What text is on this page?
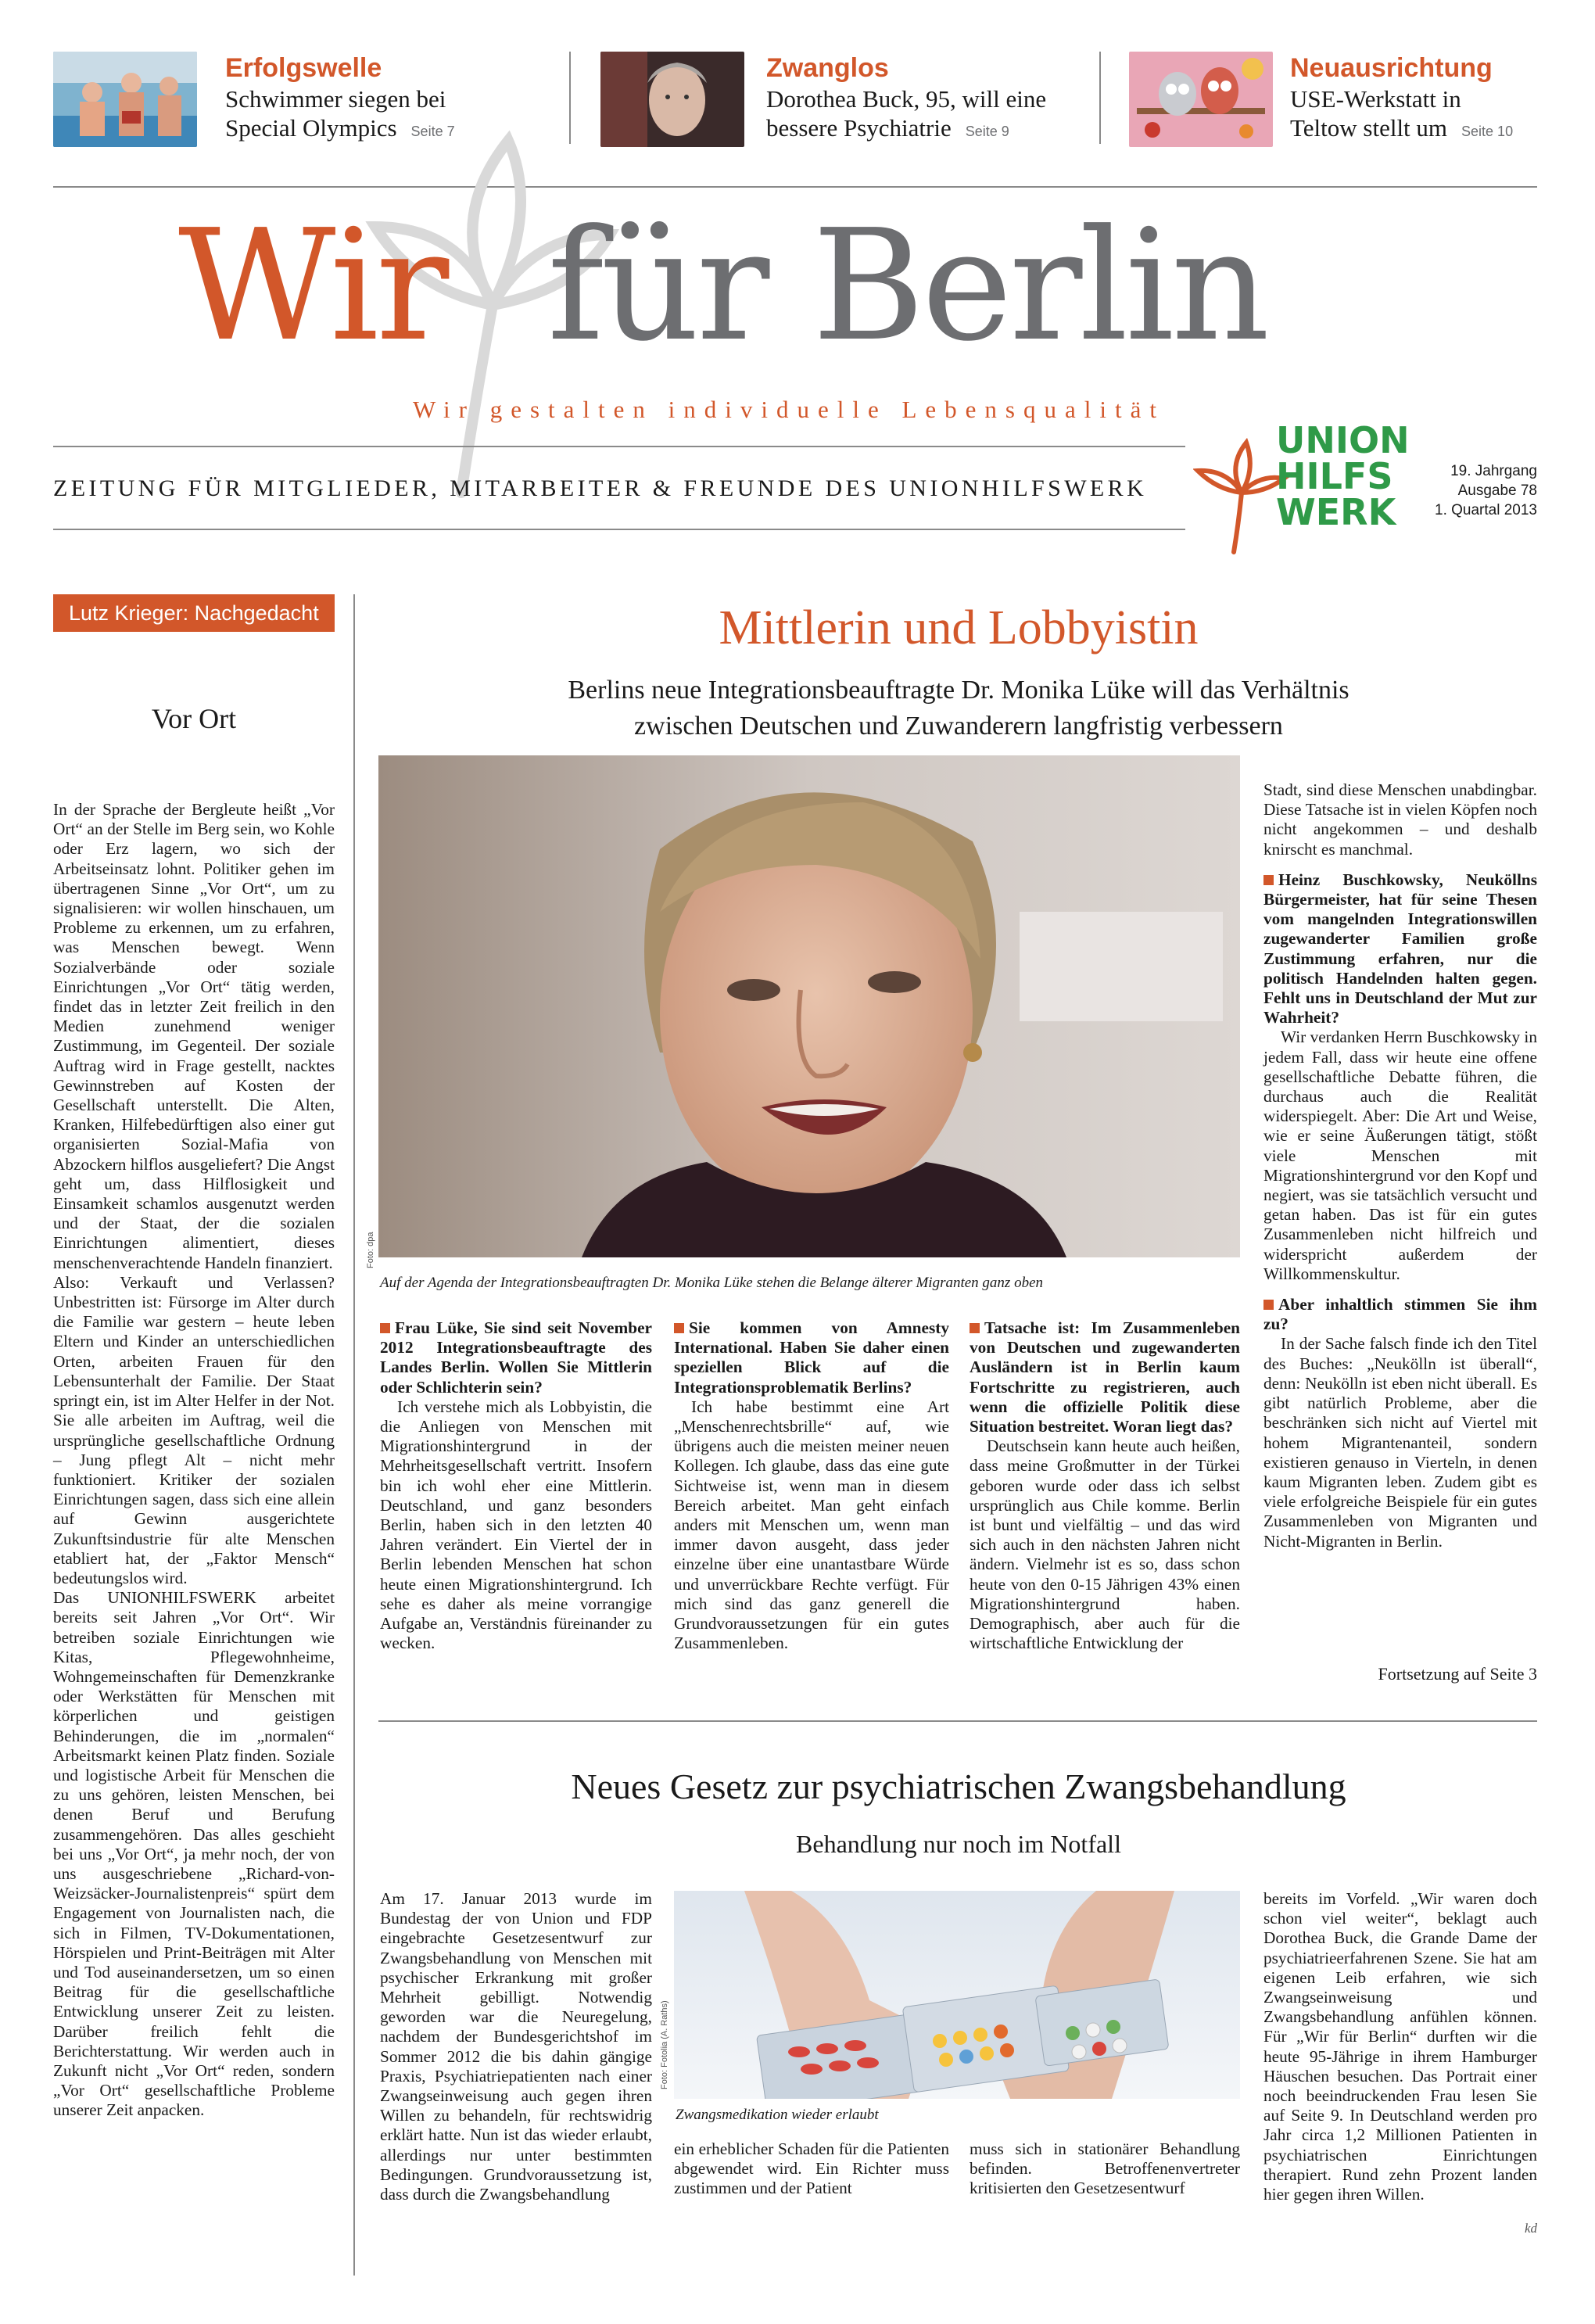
Erfolgswelle
Schwimmer siegen bei
Special Olympics Seite 7
Zwanglos
Dorothea Buck, 95, will eine
bessere Psychiatrie Seite 9
Neuausrichtung
USE-Werkstatt in
Teltow stellt um Seite 10
Wir für Berlin
Wir gestalten individuelle Lebensqualität
ZEITUNG FÜR MITGLIEDER, MITARBEITER & FREUNDE DES UNIONHILFSWERK
UNION
HILFS
WERK
19. Jahrgang
Ausgabe 78
1. Quartal 2013
Lutz Krieger: Nachgedacht
Vor Ort

In der Sprache der Bergleute heißt „Vor Ort“ an der Stelle im Berg sein, wo Kohle oder Erz lagern, wo sich der Arbeitseinsatz lohnt. Politiker gehen im übertragenen Sinne „Vor Ort“, um zu signalisieren: wir wollen hinschauen, um Probleme zu erkennen, um zu erfahren, was Menschen bewegt. Wenn Sozialverbände oder soziale Einrichtungen „Vor Ort“ tätig werden, findet das in letzter Zeit freilich in den Medien zunehmend weniger Zustimmung, im Gegenteil. Der soziale Auftrag wird in Frage gestellt, nacktes Gewinnstreben auf Kosten der Gesellschaft unterstellt. Die Alten, Kranken, Hilfebedürftigen also einer gut organisierten Sozial-Mafia von Abzockern hilflos ausgeliefert? Die Angst geht um, dass Hilflosigkeit und Einsamkeit schamlos ausgenutzt werden und der Staat, der die sozialen Einrichtungen alimentiert, dieses menschenverachtende Handeln finanziert.

Also: Verkauft und Verlassen? Unbestritten ist: Fürsorge im Alter durch die Familie war gestern – heute leben Eltern und Kinder an unterschiedlichen Orten, arbeiten Frauen für den Lebensunterhalt der Familie. Der Staat springt ein, ist im Alter Helfer in der Not. Sie alle arbeiten im Auftrag, weil die ursprüngliche gesellschaftliche Ordnung – Jung pflegt Alt – nicht mehr funktioniert. Kritiker der sozialen Einrichtungen sagen, dass sich eine allein auf Gewinn ausgerichtete Zukunftsindustrie für alte Menschen etabliert hat, der „Faktor Mensch“ bedeutungslos wird.

Das UNIONHILFSWERK arbeitet bereits seit Jahren „Vor Ort“. Wir betreiben soziale Einrichtungen wie Kitas, Pflegewohnheime, Wohngemeinschaften für Demenzkranke oder Werkstätten für Menschen mit körperlichen und geistigen Behinderungen, die im „normalen“ Arbeitsmarkt keinen Platz finden. Soziale und logistische Arbeit für Menschen die zu uns gehören, leisten Menschen, bei denen Beruf und Berufung zusammengehören. Das alles geschieht bei uns „Vor Ort“, ja mehr noch, der von uns ausgeschriebene „Richard-von-Weizsäcker-Journalistenpreis“ spürt dem Engagement von Journalisten nach, die sich in Filmen, TV-Dokumentationen, Hörspielen und Print-Beiträgen mit Alter und Tod auseinandersetzen, um so einen Beitrag für die gesellschaftliche Entwicklung unserer Zeit zu leisten. Darüber freilich fehlt die Berichterstattung. Wir werden auch in Zukunft nicht „Vor Ort“ reden, sondern „Vor Ort“ gesellschaftliche Probleme unserer Zeit anpacken.

Mittlerin und Lobbyistin
Berlins neue Integrationsbeauftragte Dr. Monika Lüke will das Verhältnis
zwischen Deutschen und Zuwanderern langfristig verbessern
Foto: dpa
Auf der Agenda der Integrationsbeauftragten Dr. Monika Lüke stehen die Belange älterer Migranten ganz oben

Frau Lüke, Sie sind seit November 2012 Integrationsbeauftragte des Landes Berlin. Wollen Sie Mittlerin oder Schlichterin sein?

Ich verstehe mich als Lobbyistin, die die Anliegen von Menschen mit Migrationshintergrund in der Mehrheitsgesellschaft vertritt. Insofern bin ich wohl eher eine Mittlerin. Deutschland, und ganz besonders Berlin, haben sich in den letzten 40 Jahren verändert. Ein Viertel der in Berlin lebenden Menschen hat schon heute einen Migrationshintergrund. Ich sehe es daher als meine vorrangige Aufgabe an, Verständnis füreinander zu wecken.

Sie kommen von Amnesty International. Haben Sie daher einen speziellen Blick auf die Integrationsproblematik Berlins?

Ich habe bestimmt eine Art „Menschenrechtsbrille“ auf, wie übrigens auch die meisten meiner neuen Kollegen. Ich glaube, dass das eine gute Sichtweise ist, wenn man in diesem Bereich arbeitet. Man geht einfach anders mit Menschen um, wenn man immer davon ausgeht, dass jeder einzelne über eine unantastbare Würde und unverrückbare Rechte verfügt. Für mich sind das ganz generell die Grundvoraussetzungen für ein gutes Zusammenleben.

Tatsache ist: Im Zusammenleben von Deutschen und zugewanderten Ausländern ist in Berlin kaum Fortschritte zu registrieren, auch wenn die offizielle Politik diese Situation bestreitet. Woran liegt das?

Deutschsein kann heute auch heißen, dass meine Großmutter in der Türkei geboren wurde oder dass ich selbst ursprünglich aus Chile komme. Berlin ist bunt und vielfältig – und das wird sich auch in den nächsten Jahren nicht ändern. Vielmehr ist es so, dass schon heute von den 0-15 Jährigen 43% einen Migrationshintergrund haben. Demographisch, aber auch für die wirtschaftliche Entwicklung der

Stadt, sind diese Menschen unabdingbar. Diese Tatsache ist in vielen Köpfen noch nicht angekommen – und deshalb knirscht es manchmal.

Heinz Buschkowsky, Neuköllns Bürgermeister, hat für seine Thesen vom mangelnden Integrationswillen zugewanderter Familien große Zustimmung erfahren, nur die politisch Handelnden halten gegen. Fehlt uns in Deutschland der Mut zur Wahrheit?

Wir verdanken Herrn Buschkowsky in jedem Fall, dass wir heute eine offene gesellschaftliche Debatte führen, die durchaus auch die Realität widerspiegelt. Aber: Die Art und Weise, wie er seine Äußerungen tätigt, stößt viele Menschen mit Migrationshintergrund vor den Kopf und negiert, was sie tatsächlich versucht und getan haben. Das ist für ein gutes Zusammenleben nicht hilfreich und widerspricht außerdem der Willkommenskultur.

Aber inhaltlich stimmen Sie ihm zu?

In der Sache falsch finde ich den Titel des Buches: „Neukölln ist überall“, denn: Neukölln ist eben nicht überall. Es gibt natürlich Probleme, aber die beschränken sich nicht auf Viertel mit hohem Migrantenanteil, sondern existieren genauso in Vierteln, in denen kaum Migranten leben. Zudem gibt es viele erfolgreiche Beispiele für ein gutes Zusammenleben von Migranten und Nicht-Migranten in Berlin.

Fortsetzung auf Seite 3
Neues Gesetz zur psychiatrischen Zwangsbehandlung
Behandlung nur noch im Notfall

Am 17. Januar 2013 wurde im Bundestag der von Union und FDP eingebrachte Gesetzesentwurf zur Zwangsbehandlung von Menschen mit psychischer Erkrankung mit großer Mehrheit gebilligt. Notwendig geworden war die Neuregelung, nachdem der Bundesgerichtshof im Sommer 2012 die bis dahin gängige Praxis, Psychiatriepatienten nach einer Zwangseinweisung auch gegen ihren Willen zu behandeln, für rechtswidrig erklärt hatte. Nun ist das wieder erlaubt, allerdings nur unter bestimmten Bedingungen. Grundvoraussetzung ist, dass durch die Zwangsbehandlung

Foto: Fotolia (A. Raths)
Zwangsmedikation wieder erlaubt

ein erheblicher Schaden für die Patienten abgewendet wird. Ein Richter muss zustimmen und der Patient

muss sich in stationärer Behandlung befinden. Betroffenenvertreter kritisierten den Gesetzesentwurf

bereits im Vorfeld. „Wir waren doch schon viel weiter“, beklagt auch Dorothea Buck, die Grande Dame der psychiatrieerfahrenen Szene. Sie hat am eigenen Leib erfahren, wie sich Zwangseinweisung und Zwangsbehandlung anfühlen können. Für „Wir für Berlin“ durften wir die heute 95-Jährige in ihrem Hamburger Häuschen besuchen. Das Portrait einer noch beeindruckenden Frau lesen Sie auf Seite 9. In Deutschland werden pro Jahr circa 1,2 Millionen Patienten in psychiatrischen Einrichtungen therapiert. Rund zehn Prozent landen hier gegen ihren Willen.

kd
